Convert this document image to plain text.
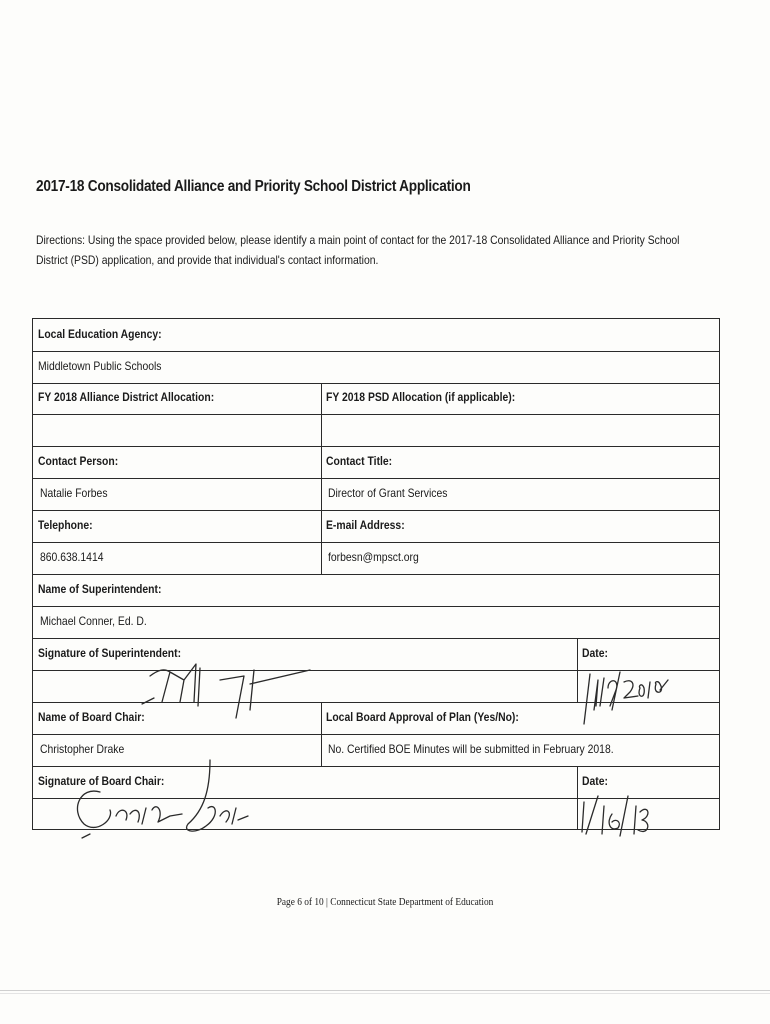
2017-18 Consolidated Alliance and Priority School District Application
Directions: Using the space provided below, please identify a main point of contact for the 2017-18 Consolidated Alliance and Priority School District (PSD) application, and provide that individual's contact information.
Local Education Agency:
Middletown Public Schools
FY 2018 Alliance District Allocation:	FY 2018 PSD Allocation (if applicable):
Contact Person:	Contact Title:
Natalie Forbes	Director of Grant Services
Telephone:	E-mail Address:
860.638.1414	forbesn@mpsct.org
Name of Superintendent:
Michael Conner, Ed. D.
Signature of Superintendent:	Date:
Name of Board Chair:	Local Board Approval of Plan (Yes/No):
Christopher Drake	No. Certified BOE Minutes will be submitted in February 2018.
Signature of Board Chair:	Date:
Page 6 of 10 | Connecticut State Department of Education
